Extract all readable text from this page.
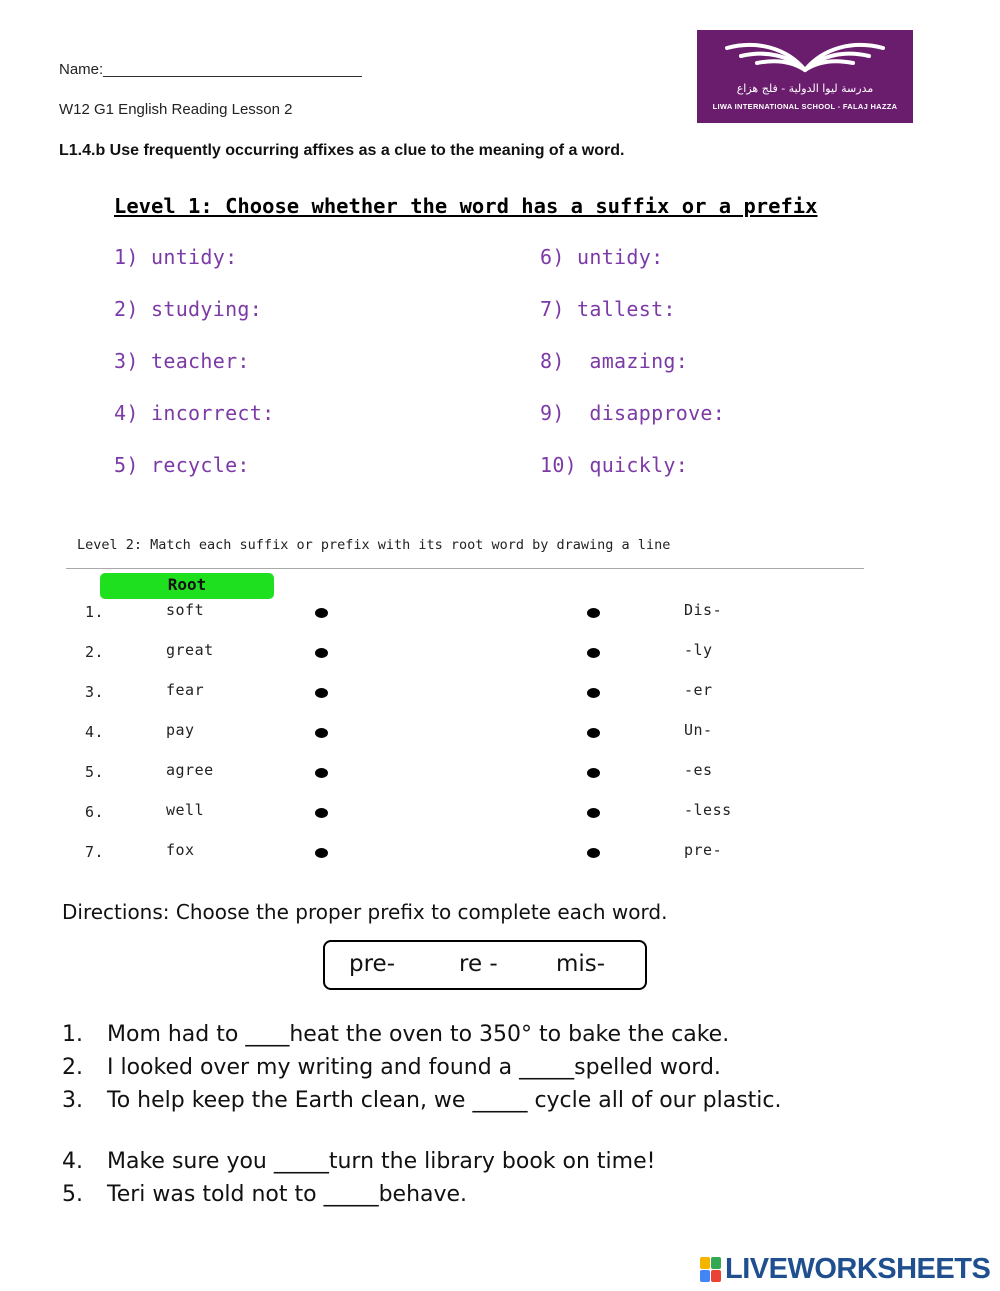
Name:_______________________________
W12 G1 English Reading Lesson 2
L1.4.b Use frequently occurring affixes as a clue to the meaning of a word.
مدرسة ليوا الدولية - فلج هزاع
LIWA INTERNATIONAL SCHOOL - FALAJ HAZZA
Level 1: Choose whether the word has a suffix or a prefix
1) untidy:
2) studying:
3) teacher:
4) incorrect:
5) recycle:
6) untidy:
7) tallest:
8)  amazing:
9)  disapprove:
10) quickly:
Level 2: Match each suffix or prefix with its root word by drawing a line
Root
1.	soft	Dis-
2.	great	-ly
3.	fear	-er
4.	pay	Un-
5.	agree	-es
6.	well	-less
7.	fox	pre-
Directions: Choose the proper prefix to complete each word.
pre-	re -	mis-
1. Mom had to ____heat the oven to 350° to bake the cake.
2. I looked over my writing and found a _____spelled word.
3. To help keep the Earth clean, we _____ cycle all of our plastic.
4. Make sure you _____turn the library book on time!
5. Teri was told not to _____behave.
LIVEWORKSHEETS
